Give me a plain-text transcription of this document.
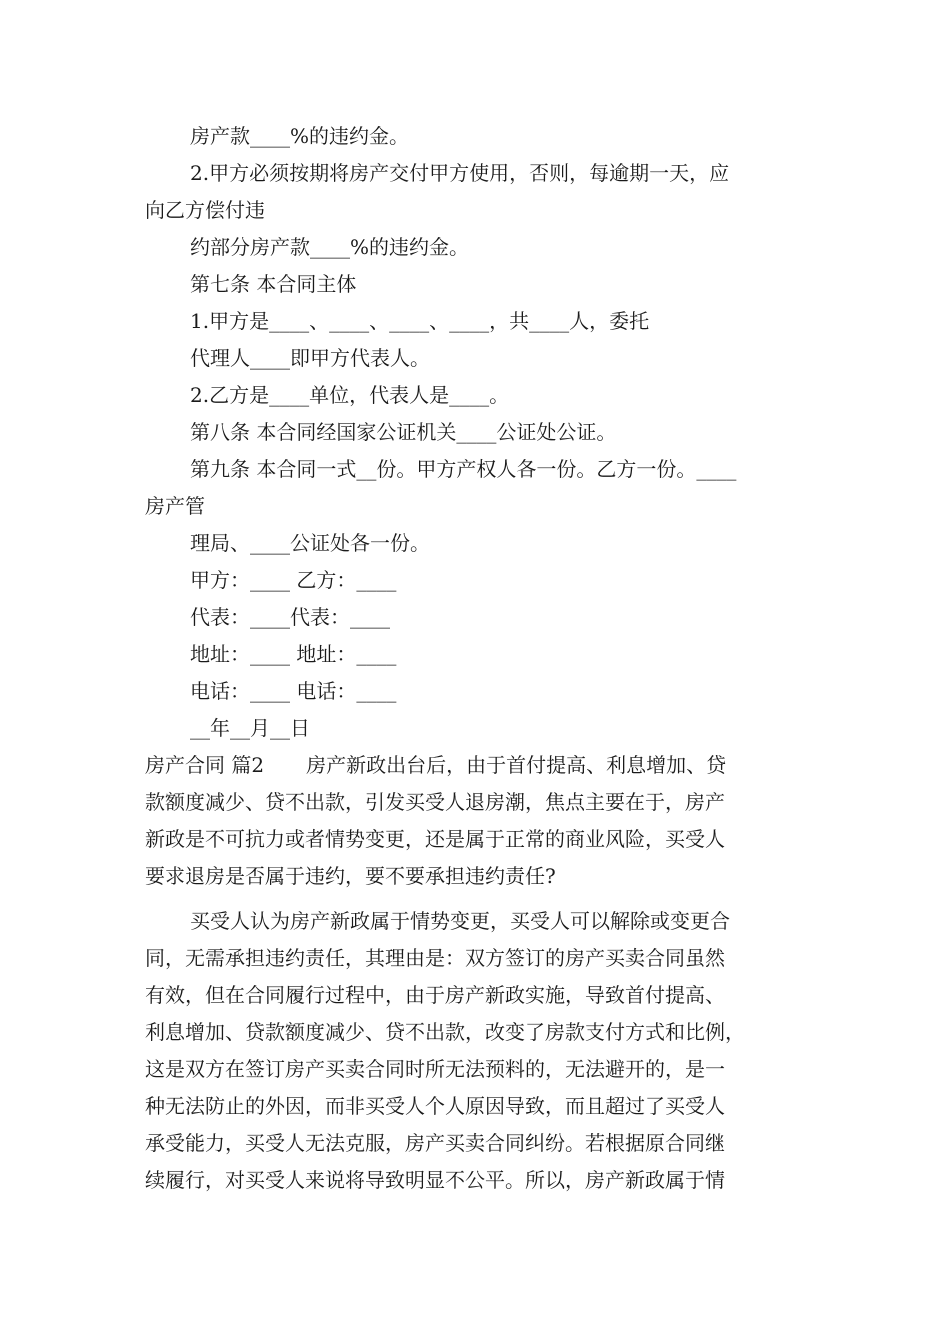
房产款____%的违约金。
2.甲方必须按期将房产交付甲方使用，否则，每逾期一天，应
向乙方偿付违
约部分房产款____%的违约金。
第七条 本合同主体
1.甲方是____、____、____、____，共____人，委托
代理人____即甲方代表人。
2.乙方是____单位，代表人是____。
第八条 本合同经国家公证机关____公证处公证。
第九条 本合同一式__份。甲方产权人各一份。乙方一份。____
房产管
理局、____公证处各一份。
甲方：____ 乙方：____
代表：____代表：____
地址：____ 地址：____
电话：____ 电话：____
__年__月__日
房产合同 篇2 房产新政出台后，由于首付提高、利息增加、贷
款额度减少、贷不出款，引发买受人退房潮，焦点主要在于，房产
新政是不可抗力或者情势变更，还是属于正常的商业风险，买受人
要求退房是否属于违约，要不要承担违约责任?
买受人认为房产新政属于情势变更，买受人可以解除或变更合
同，无需承担违约责任，其理由是：双方签订的房产买卖合同虽然
有效，但在合同履行过程中，由于房产新政实施，导致首付提高、
利息增加、贷款额度减少、贷不出款，改变了房款支付方式和比例，
这是双方在签订房产买卖合同时所无法预料的，无法避开的，是一
种无法防止的外因，而非买受人个人原因导致，而且超过了买受人
承受能力，买受人无法克服，房产买卖合同纠纷。若根据原合同继
续履行，对买受人来说将导致明显不公平。所以，房产新政属于情
